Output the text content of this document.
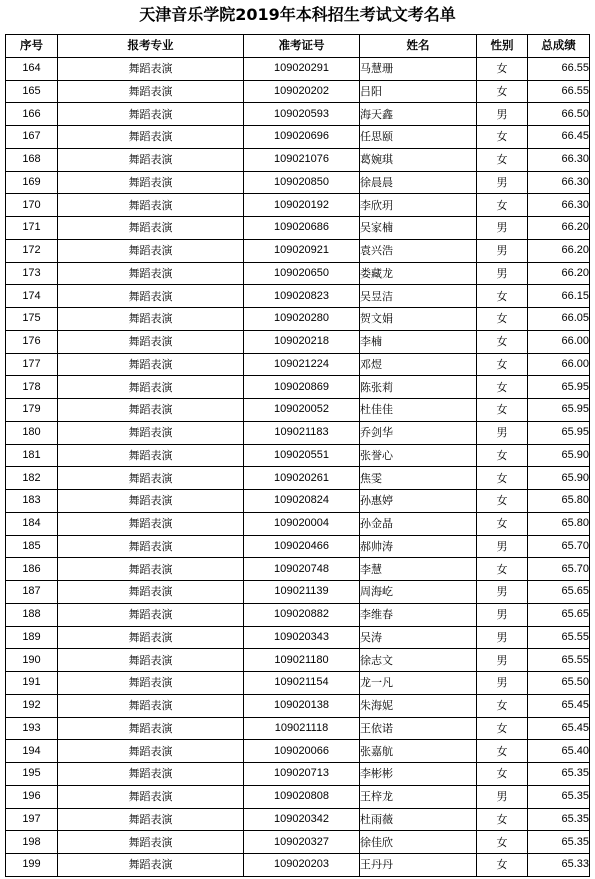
天津音乐学院2019年本科招生考试文考名单
序号	报考专业	准考证号	姓名	性别	总成绩
164	舞蹈表演	109020291	马慧珊	女	66.55
165	舞蹈表演	109020202	吕阳	女	66.55
166	舞蹈表演	109020593	海天鑫	男	66.50
167	舞蹈表演	109020696	任思颐	女	66.45
168	舞蹈表演	109021076	葛婉琪	女	66.30
169	舞蹈表演	109020850	徐晨晨	男	66.30
170	舞蹈表演	109020192	李欣玥	女	66.30
171	舞蹈表演	109020686	吴家楠	男	66.20
172	舞蹈表演	109020921	袁兴浩	男	66.20
173	舞蹈表演	109020650	娄藏龙	男	66.20
174	舞蹈表演	109020823	吴昱洁	女	66.15
175	舞蹈表演	109020280	贺文娟	女	66.05
176	舞蹈表演	109020218	李楠	女	66.00
177	舞蹈表演	109021224	邓煜	女	66.00
178	舞蹈表演	109020869	陈张莉	女	65.95
179	舞蹈表演	109020052	杜佳佳	女	65.95
180	舞蹈表演	109021183	乔剑华	男	65.95
181	舞蹈表演	109020551	张誉心	女	65.90
182	舞蹈表演	109020261	焦雯	女	65.90
183	舞蹈表演	109020824	孙惠婷	女	65.80
184	舞蹈表演	109020004	孙金晶	女	65.80
185	舞蹈表演	109020466	郝帅涛	男	65.70
186	舞蹈表演	109020748	李慧	女	65.70
187	舞蹈表演	109021139	周海屹	男	65.65
188	舞蹈表演	109020882	李维春	男	65.65
189	舞蹈表演	109020343	吴涛	男	65.55
190	舞蹈表演	109021180	徐志文	男	65.55
191	舞蹈表演	109021154	龙一凡	男	65.50
192	舞蹈表演	109020138	朱海妮	女	65.45
193	舞蹈表演	109021118	王依诺	女	65.45
194	舞蹈表演	109020066	张嘉航	女	65.40
195	舞蹈表演	109020713	李彬彬	女	65.35
196	舞蹈表演	109020808	王梓龙	男	65.35
197	舞蹈表演	109020342	杜雨薇	女	65.35
198	舞蹈表演	109020327	徐佳欣	女	65.35
199	舞蹈表演	109020203	王丹丹	女	65.33
